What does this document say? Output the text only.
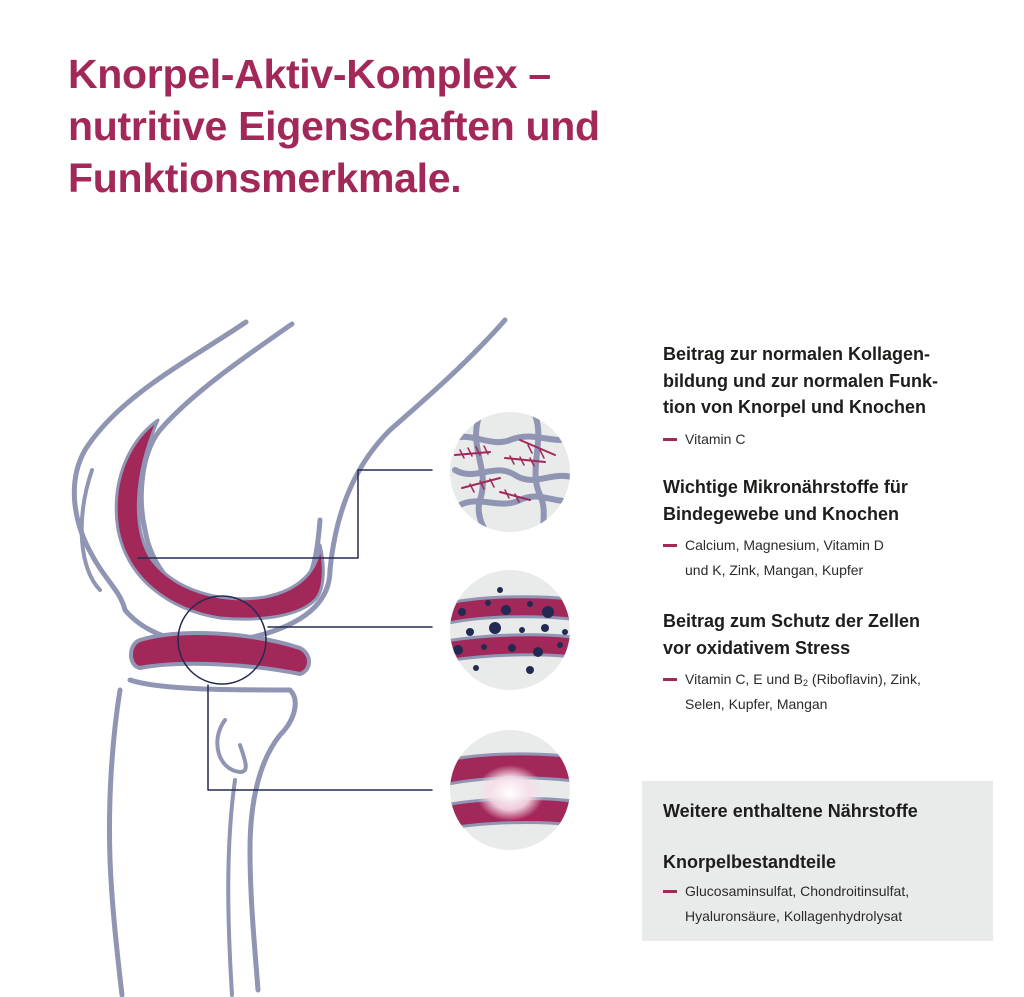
Knorpel-Aktiv-Komplex –
nutritive Eigenschaften und
Funktionsmerkmale.
Beitrag zur normalen Kollagen-
bildung und zur normalen Funk-
tion von Knorpel und Knochen
Vitamin C
Wichtige Mikronährstoffe für
Bindegewebe und Knochen
Calcium, Magnesium, Vitamin D
und K, Zink, Mangan, Kupfer
Beitrag zum Schutz der Zellen
vor oxidativem Stress
Vitamin C, E und $B_2$ (Riboflavin), Zink,
Selen, Kupfer, Mangan
Weitere enthaltene Nährstoffe
Knorpelbestandteile
Glucosaminsulfat, Chondroitinsulfat,
Hyaluronsäure, Kollagenhydrolysat
